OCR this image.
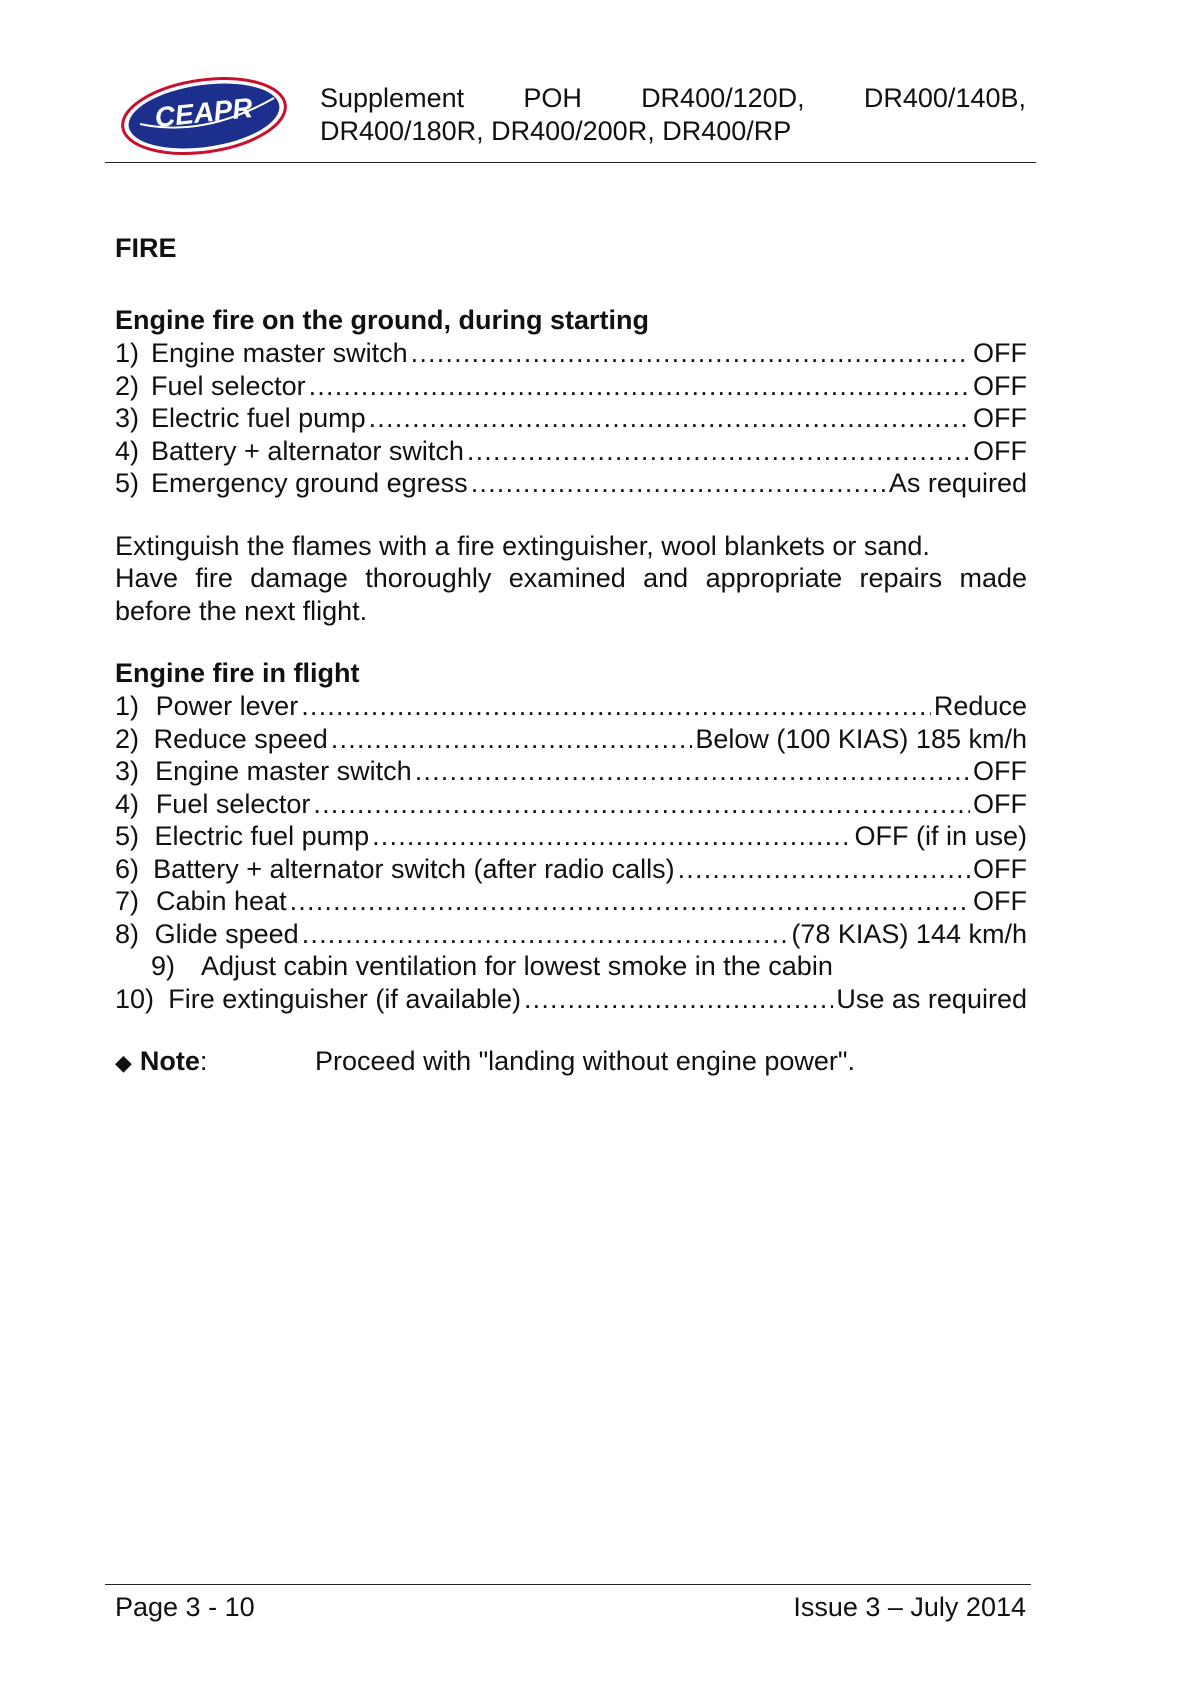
CEAPR Supplement POH DR400/120D, DR400/140B,
DR400/180R, DR400/200R, DR400/RP
FIRE
Engine fire on the ground, during starting
1) Engine master switch .....	OFF
2) Fuel selector .....	OFF
3) Electric fuel pump .....	OFF
4) Battery + alternator switch .....	OFF
5) Emergency ground egress .....	As required

Extinguish the flames with a fire extinguisher, wool blankets or sand.
Have fire damage thoroughly examined and appropriate repairs made
before the next flight.

Engine fire in flight
1) Power lever .....	Reduce
2) Reduce speed .....	Below (100 KIAS) 185 km/h
3) Engine master switch .....	OFF
4) Fuel selector .....	OFF
5) Electric fuel pump .....	OFF (if in use)
6) Battery + alternator switch (after radio calls) .....	OFF
7) Cabin heat .....	OFF
8) Glide speed .....	(78 KIAS) 144 km/h
9) Adjust cabin ventilation for lowest smoke in the cabin
10) Fire extinguisher (if available) .....	Use as required
◆ Note :	Proceed with "landing without engine power".
Page 3 - 10	Issue 3 – July 2014
